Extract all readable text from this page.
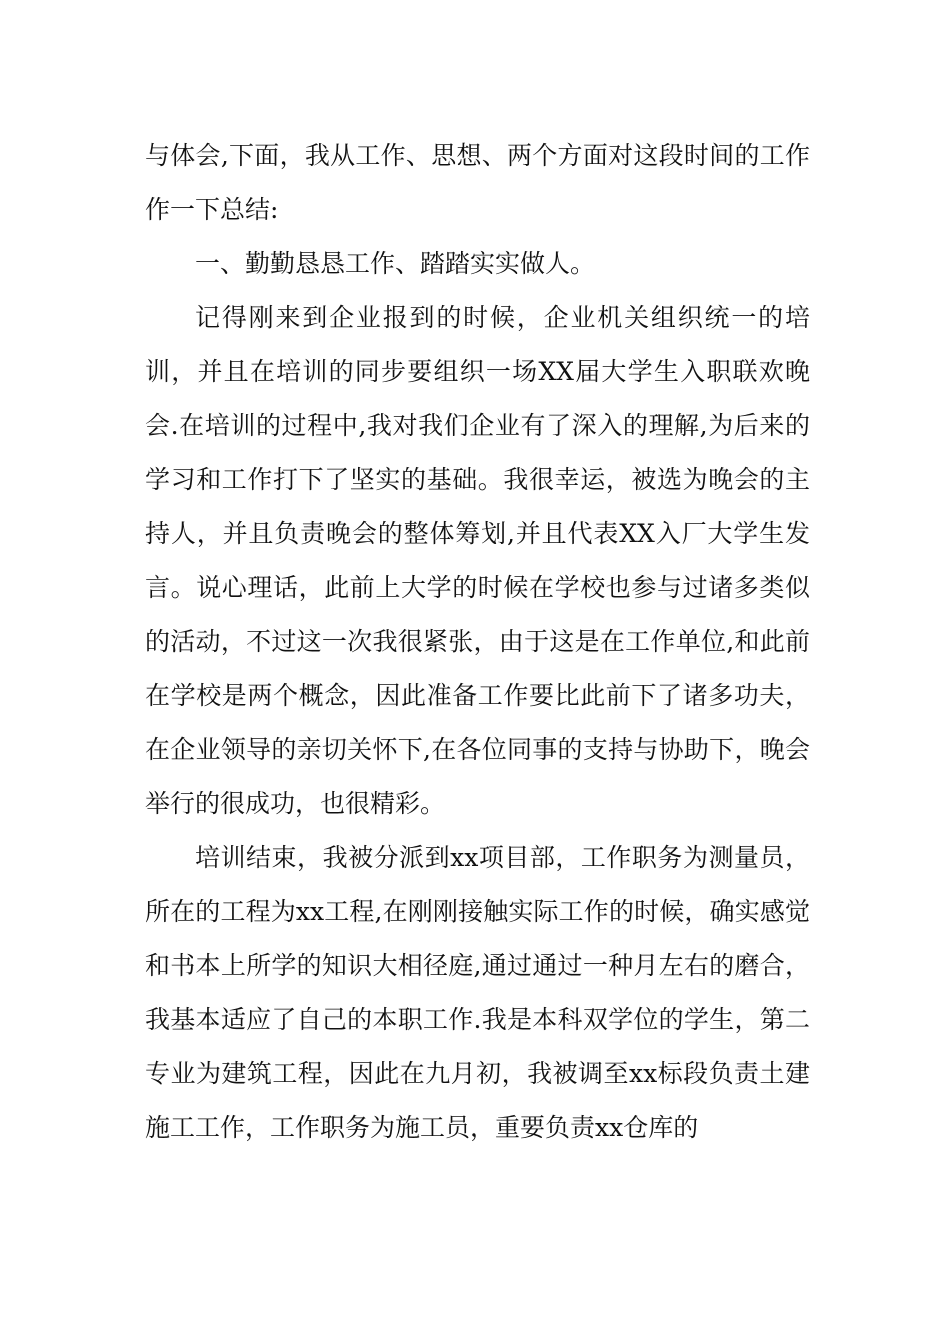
与体会,下面，我从工作、思想、两个方面对这段时间的工作作一下总结:

一、勤勤恳恳工作、踏踏实实做人。

记得刚来到企业报到的时候，企业机关组织统一的培训，并且在培训的同步要组织一场XX届大学生入职联欢晚会.在培训的过程中,我对我们企业有了深入的理解,为后来的学习和工作打下了坚实的基础。我很幸运，被选为晚会的主持人，并且负责晚会的整体筹划,并且代表XX入厂大学生发言。说心理话，此前上大学的时候在学校也参与过诸多类似的活动，不过这一次我很紧张，由于这是在工作单位,和此前在学校是两个概念，因此准备工作要比此前下了诸多功夫，在企业领导的亲切关怀下,在各位同事的支持与协助下，晚会举行的很成功，也很精彩。

培训结束，我被分派到xx项目部，工作职务为测量员，所在的工程为xx工程,在刚刚接触实际工作的时候，确实感觉和书本上所学的知识大相径庭,通过通过一种月左右的磨合，我基本适应了自己的本职工作.我是本科双学位的学生，第二专业为建筑工程，因此在九月初，我被调至xx标段负责土建施工工作，工作职务为施工员，重要负责xx仓库的
